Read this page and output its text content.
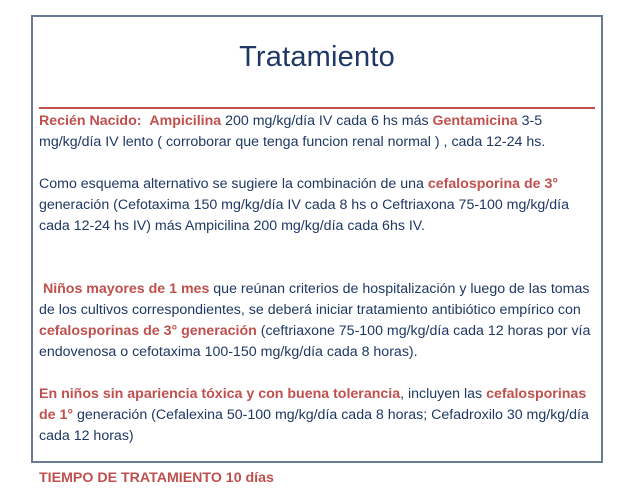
Tratamiento

Recién Nacido: Ampicilina 200 mg/kg/día IV cada 6 hs más Gentamicina 3-5 mg/kg/día IV lento ( corroborar que tenga funcion renal normal ) , cada 12-24 hs.

Como esquema alternativo se sugiere la combinación de una cefalosporina de 3° generación (Cefotaxima 150 mg/kg/día IV cada 8 hs o Ceftriaxona 75-100 mg/kg/día cada 12-24 hs IV) más Ampicilina 200 mg/kg/día cada 6hs IV.

Niños mayores de 1 mes que reúnan criterios de hospitalización y luego de las tomas de los cultivos correspondientes, se deberá iniciar tratamiento antibiótico empírico con cefalosporinas de 3° generación (ceftriaxone 75-100 mg/kg/día cada 12 horas por vía endovenosa o cefotaxima 100-150 mg/kg/día cada 8 horas).

En niños sin apariencia tóxica y con buena tolerancia, incluyen las cefalosporinas de 1° generación (Cefalexina 50-100 mg/kg/día cada 8 horas; Cefadroxilo 30 mg/kg/día cada 12 horas)

TIEMPO DE TRATAMIENTO 10 días
